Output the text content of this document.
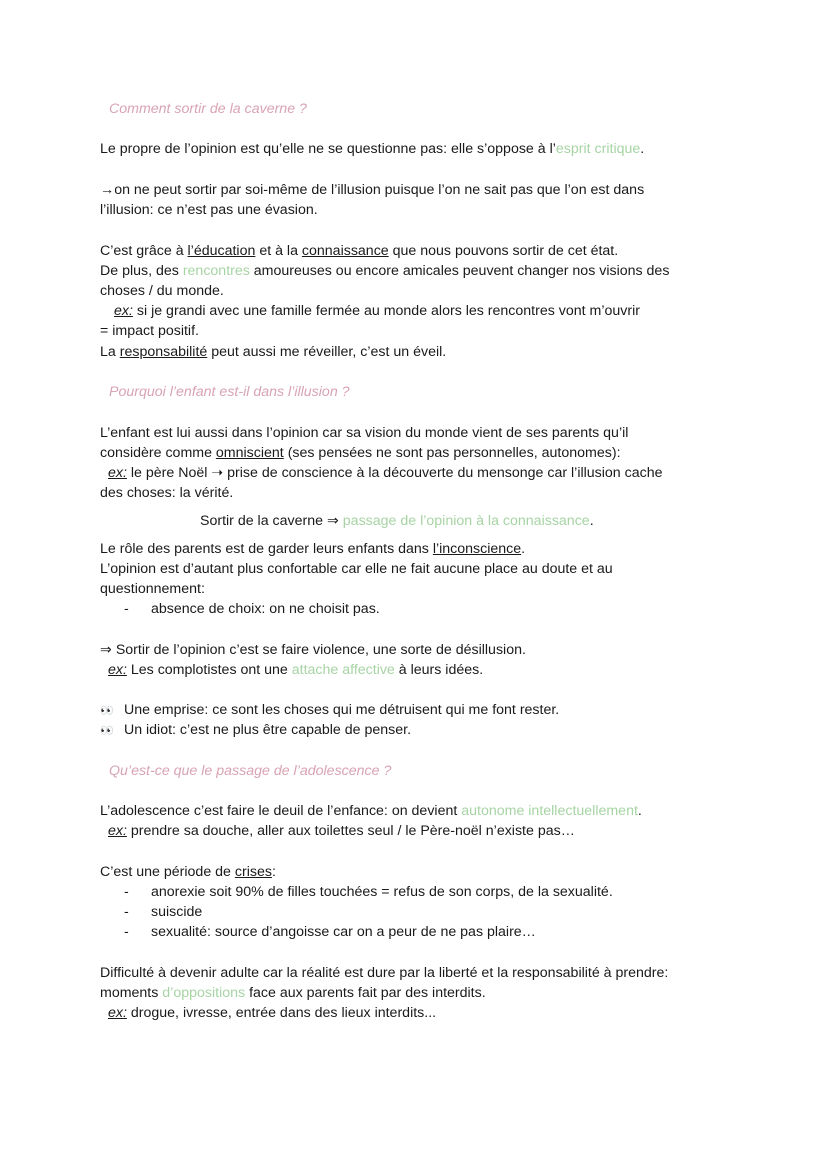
Comment sortir de la caverne ?
Le propre de l’opinion est qu’elle ne se questionne pas: elle s’oppose à l’esprit critique.
→on ne peut sortir par soi-même de l’illusion puisque l’on ne sait pas que l’on est dans
l’illusion: ce n’est pas une évasion.
C’est grâce à l’éducation et à la connaissance que nous pouvons sortir de cet état.
De plus, des rencontres amoureuses ou encore amicales peuvent changer nos visions des
choses / du monde.
ex: si je grandi avec une famille fermée au monde alors les rencontres vont m’ouvrir
= impact positif.
La responsabilité peut aussi me réveiller, c’est un éveil.
Pourquoi l’enfant est-il dans l’illusion ?
L’enfant est lui aussi dans l’opinion car sa vision du monde vient de ses parents qu’il
considère comme omniscient (ses pensées ne sont pas personnelles, autonomes):
ex: le père Noël ➝ prise de conscience à la découverte du mensonge car l’illusion cache
des choses: la vérité.
Sortir de la caverne ⇒ passage de l’opinion à la connaissance.
Le rôle des parents est de garder leurs enfants dans l’inconscience.
L’opinion est d’autant plus confortable car elle ne fait aucune place au doute et au
questionnement:
- absence de choix: on ne choisit pas.
⇒ Sortir de l’opinion c’est se faire violence, une sorte de désillusion.
ex: Les complotistes ont une attache affective à leurs idées.
👀 Une emprise: ce sont les choses qui me détruisent qui me font rester.
👀 Un idiot: c’est ne plus être capable de penser.
Qu’est-ce que le passage de l’adolescence ?
L’adolescence c’est faire le deuil de l’enfance: on devient autonome intellectuellement.
ex: prendre sa douche, aller aux toilettes seul / le Père-noël n’existe pas…
C’est une période de crises:
- anorexie soit 90% de filles touchées = refus de son corps, de la sexualité.
- suiscide
- sexualité: source d’angoisse car on a peur de ne pas plaire…
Difficulté à devenir adulte car la réalité est dure par la liberté et la responsabilité à prendre:
moments d’oppositions face aux parents fait par des interdits.
ex: drogue, ivresse, entrée dans des lieux interdits...
